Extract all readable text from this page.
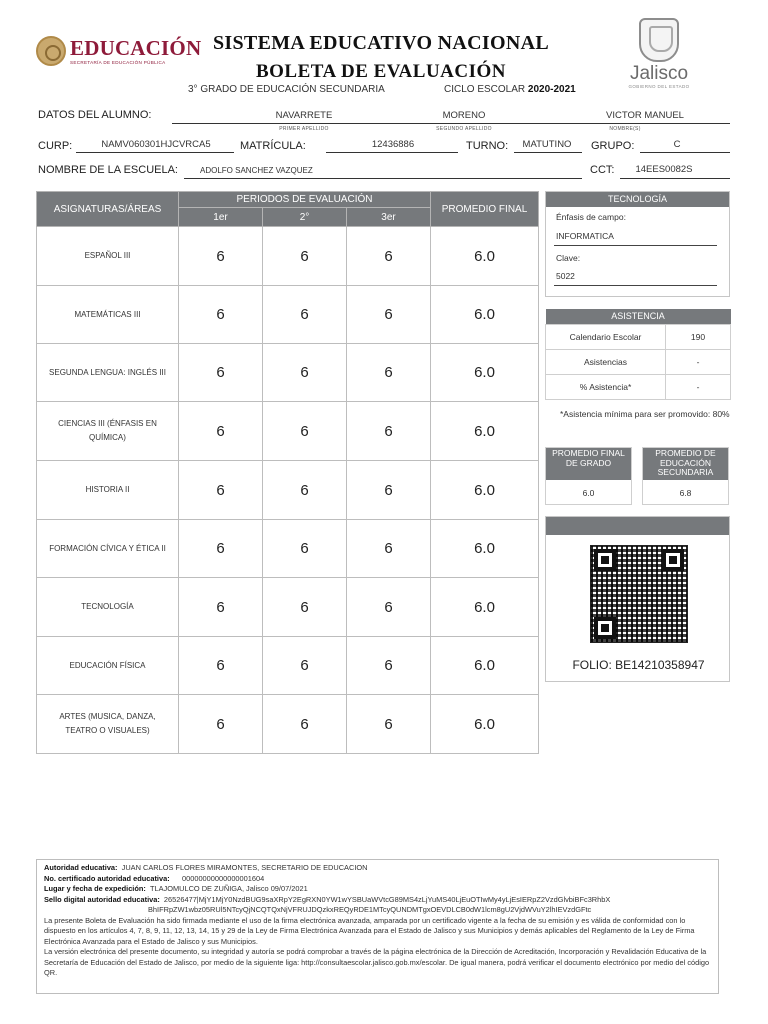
EDUCACIÓN
SECRETARÍA DE EDUCACIÓN PÚBLICA
SISTEMA EDUCATIVO NACIONAL
BOLETA DE EVALUACIÓN
3° GRADO DE EDUCACIÓN SECUNDARIA	CICLO ESCOLAR 2020-2021
Jalisco
GOBIERNO DEL ESTADO
DATOS DEL ALUMNO:	NAVARRETE	MORENO	VICTOR MANUEL
PRIMER APELLIDO	SEGUNDO APELLIDO	NOMBRE(S)
CURP:	NAMV060301HJCVRCA5	MATRÍCULA:	12436886	TURNO:	MATUTINO	GRUPO:	C
NOMBRE DE LA ESCUELA:	ADOLFO SANCHEZ VAZQUEZ	CCT:	14EES0082S
ASIGNATURAS/ÁREAS	PERIODOS DE EVALUACIÓN			PROMEDIO FINAL
	1er	2°	3er	
ESPAÑOL III	6	6	6	6.0
MATEMÁTICAS III	6	6	6	6.0
SEGUNDA LENGUA: INGLÉS III	6	6	6	6.0
CIENCIAS III (ÉNFASIS EN QUÍMICA)	6	6	6	6.0
HISTORIA II	6	6	6	6.0
FORMACIÓN CÍVICA Y ÉTICA II	6	6	6	6.0
TECNOLOGÍA	6	6	6	6.0
EDUCACIÓN FÍSICA	6	6	6	6.0
ARTES (MUSICA, DANZA, TEATRO O VISUALES)	6	6	6	6.0
TECNOLOGÍA
Énfasis de campo:
INFORMATICA
Clave:
5022
ASISTENCIA	
Calendario Escolar	190
Asistencias	-
% Asistencia*	-
*Asistencia mínima para ser promovido: 80%
PROMEDIO FINAL DE GRADO
6.0
PROMEDIO DE EDUCACIÓN SECUNDARIA
6.8
FOLIO: BE14210358947
Autoridad educativa: JUAN CARLOS FLORES MIRAMONTES, SECRETARIO DE EDUCACION
No. certificado autoridad educativa: 00000000000000001604
Lugar y fecha de expedición: TLAJOMULCO DE ZUÑIGA, Jalisco 09/07/2021
Sello digital autoridad educativa: 26526477|MjY1MjY0NzdBUG9saXRpY2EgRXN0YW1wYSBUaWVtcG89MS4zLjYuMS40LjEuOTIwMy4yLjEsIERpZ2VzdGlvbiBFc3RhbX
BhIFRpZW1wbz05RUl5NTcyQjNCQTQxNjVFRUJDQzkxREQyRDE1MTcyQUNDMTgxOEVDLCB0dW1lcm8gU2VjdWVuY2lhIEVzdGFtc
La presente Boleta de Evaluación ha sido firmada mediante el uso de la firma electrónica avanzada, amparada por un certificado vigente a la fecha de su emisión y es válida de conformidad con lo dispuesto en los artículos 4, 7, 8, 9, 11, 12, 13, 14, 15 y 29 de la Ley de Firma Electrónica Avanzada para el Estado de Jalisco y sus Municipios y demás aplicables del Reglamento de la Ley de Firma Electrónica Avanzada para el Estado de Jalisco y sus Municipios.
La versión electrónica del presente documento, su integridad y autoría se podrá comprobar a través de la página electrónica de la Dirección de Acreditación, Incorporación y Revalidación Educativa de la Secretaría de Educación del Estado de Jalisco, por medio de la siguiente liga: http://consultaescolar.jalisco.gob.mx/escolar. De igual manera, podrá verificar el documento electrónico por medio del código QR.
